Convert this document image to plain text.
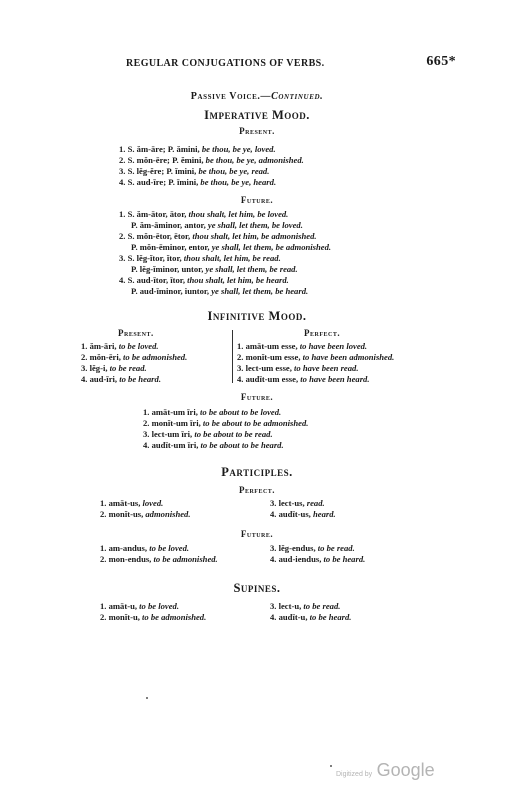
REGULAR CONJUGATIONS OF VERBS.	665*
Passive Voice.—Continued.
Imperative Mood.
Present.
1. S. ăm-āre; P. ămini, be thou, be ye, loved.
2. S. mŏn-ēre; P. ĕmini, be thou, be ye, admonished.
3. S. lĕg-ĕre; P. ĭmini, be thou, be ye, read.
4. S. aud-īre; P. īmini, be thou, be ye, heard.
Future.
1. S. ăm-ātor, ātor, thou shalt, let him, be loved.
P. ăm-āminor, antor, ye shall, let them, be loved.
2. S. mŏn-ētor, ētor, thou shalt, let him, be admonished.
P. mŏn-ēminor, entor, ye shall, let them, be admonished.
3. S. lĕg-ĭtor, ĭtor, thou shalt, let him, be read.
P. lĕg-ĭminor, untor, ye shall, let them, be read.
4. S. aud-ītor, ītor, thou shalt, let him, be heard.
P. aud-īminor, iuntor, ye shall, let them, be heard.
Infinitive Mood.
Present.	Perfect.
1. ăm-āri, to be loved.
2. mŏn-ēri, to be admonished.
3. lĕg-i, to be read.
4. aud-īri, to be heard.
1. amāt-um esse, to have been loved.
2. monĭt-um esse, to have been admonished.
3. lect-um esse, to have been read.
4. audīt-um esse, to have been heard.
Future.
1. amāt-um īri, to be about to be loved.
2. monĭt-um īri, to be about to be admonished.
3. lect-um īri, to be about to be read.
4. audīt-um īri, to be about to be heard.
Participles.
Perfect.
1. amāt-us, loved.
2. monĭt-us, admonished.
3. lect-us, read.
4. audīt-us, heard.
Future.
1. am-andus, to be loved.
2. mon-endus, to be admonished.
3. lĕg-endus, to be read.
4. aud-iendus, to be heard.
Supines.
1. amāt-u, to be loved.
2. monĭt-u, to be admonished.
3. lect-u, to be read.
4. audīt-u, to be heard.
Digitized by Google
